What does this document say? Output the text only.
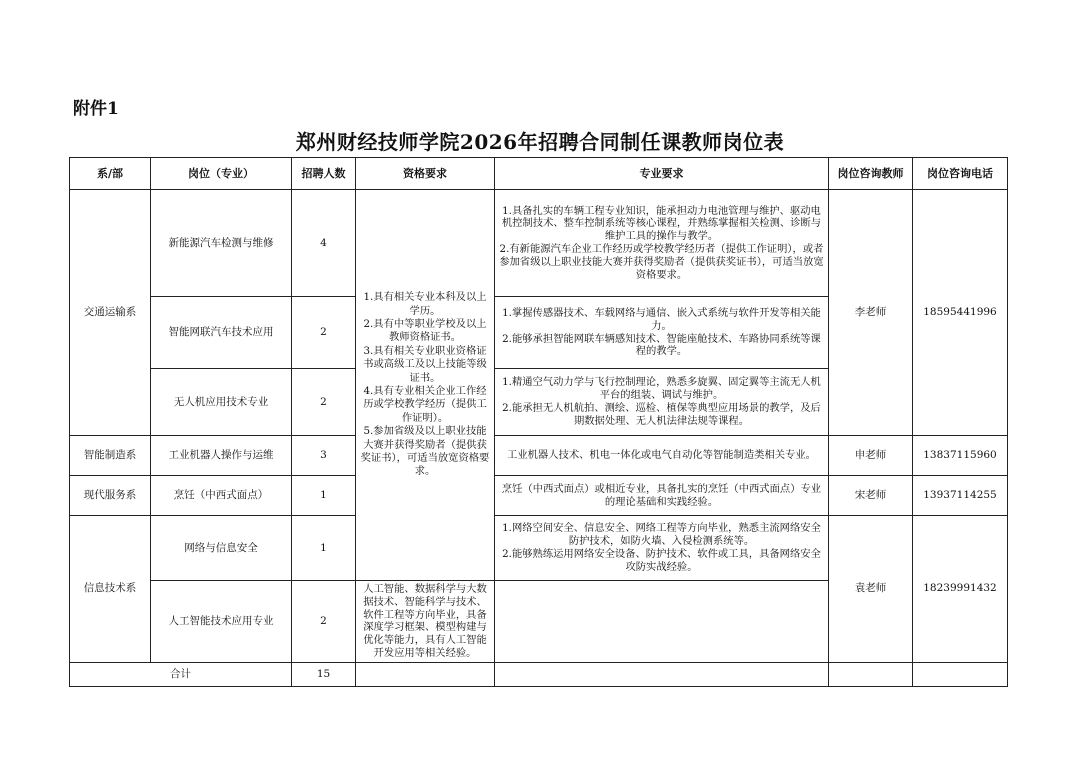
附件1
郑州财经技师学院2026年招聘合同制任课教师岗位表
系/部	岗位（专业）	招聘人数	资格要求	专业要求	岗位咨询教师	岗位咨询电话
交通运输系	新能源汽车检测与维修	4	1.具有相关专业本科及以上学历。
2.具有中等职业学校及以上教师资格证书。
3.具有相关专业职业资格证书或高级工及以上技能等级证书。
4.具有专业相关企业工作经历或学校教学经历（提供工作证明）。
5.参加省级及以上职业技能大赛并获得奖励者（提供获奖证书），可适当放宽资格要求。	1.具备扎实的车辆工程专业知识，能承担动力电池管理与维护、驱动电机控制技术、整车控制系统等核心课程，并熟练掌握相关检测、诊断与维护工具的操作与教学。
2.有新能源汽车企业工作经历或学校教学经历者（提供工作证明），或者参加省级以上职业技能大赛并获得奖励者（提供获奖证书），可适当放宽资格要求。	李老师	18595441996
	智能网联汽车技术应用	2		1.掌握传感器技术、车载网络与通信、嵌入式系统与软件开发等相关能力。
2.能够承担智能网联车辆感知技术、智能座舱技术、车路协同系统等课程的教学。		
	无人机应用技术专业	2		1.精通空气动力学与飞行控制理论，熟悉多旋翼、固定翼等主流无人机平台的组装、调试与维护。
2.能承担无人机航拍、测绘、巡检、植保等典型应用场景的教学，及后期数据处理、无人机法律法规等课程。		
智能制造系	工业机器人操作与运维	3		工业机器人技术、机电一体化或电气自动化等智能制造类相关专业。	申老师	13837115960
现代服务系	烹饪（中西式面点）	1		烹饪（中西式面点）或相近专业，具备扎实的烹饪（中西式面点）专业的理论基础和实践经验。	宋老师	13937114255
信息技术系	网络与信息安全	1		1.网络空间安全、信息安全、网络工程等方向毕业，熟悉主流网络安全防护技术，如防火墙、入侵检测系统等。
2.能够熟练运用网络安全设备、防护技术、软件或工具，具备网络安全攻防实战经验。	袁老师	18239991432
	人工智能技术应用专业	2	人工智能、数据科学与大数据技术、智能科学与技术、软件工程等方向毕业，具备深度学习框架、模型构建与优化等能力，具有人工智能开发应用等相关经验。			
合计		15				
